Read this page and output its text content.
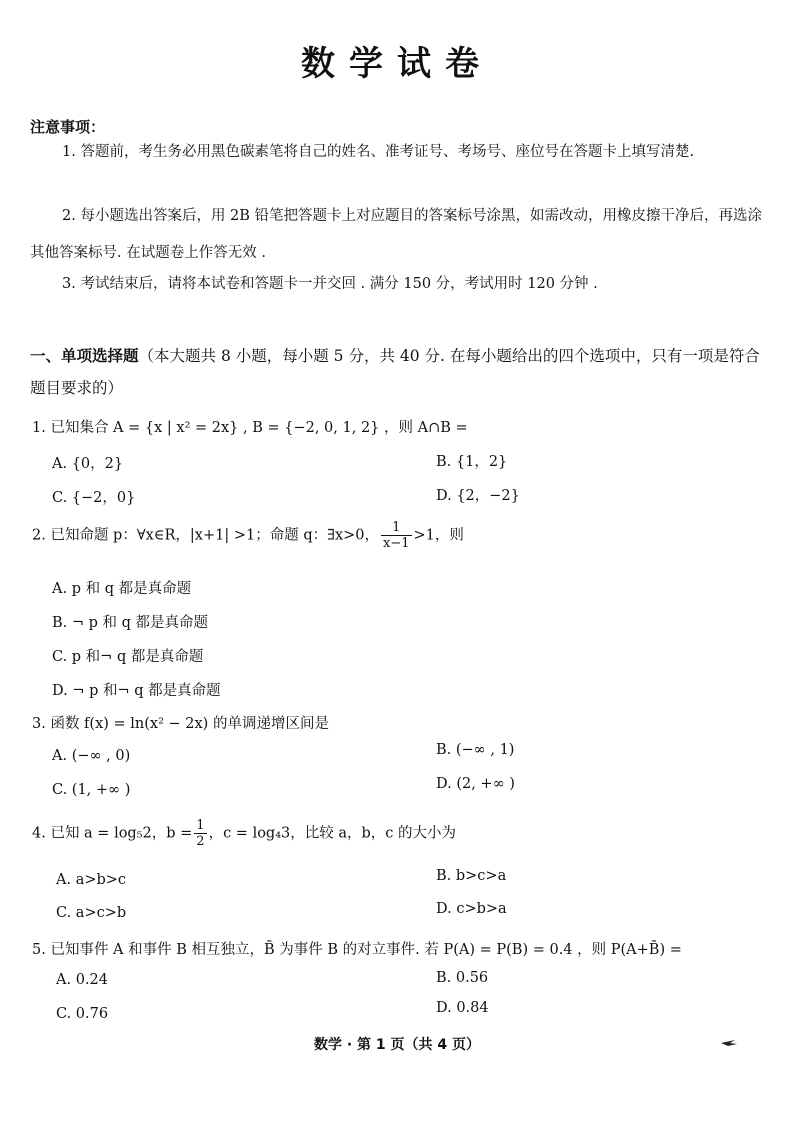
数学试卷
注意事项：
1. 答题前，考生务必用黑色碳素笔将自己的姓名、准考证号、考场号、座位号在答题卡上填写清楚.
2. 每小题选出答案后，用 2B 铅笔把答题卡上对应题目的答案标号涂黑，如需改动，用橡皮擦干净后，再选涂其他答案标号. 在试题卷上作答无效 .
3. 考试结束后，请将本试卷和答题卡一并交回 . 满分 150 分，考试用时 120 分钟 .
一、单项选择题（本大题共 8 小题，每小题 5 分，共 40 分. 在每小题给出的四个选项中，只有一项是符合题目要求的）
1. 已知集合 A = {x | x² = 2x} , B = {−2, 0, 1, 2} ，则 A∩B =
A. {0，2}	B. {1，2}
C. {−2，0}	D. {2，−2}
2. 已知命题 p：∀x∈R，|x+1| >1；命题 q：∃x>0， $\frac{1}{x-1} >1$，则
A. p 和 q 都是真命题
B. ¬ p 和 q 都是真命题
C. p 和¬ q 都是真命题
D. ¬ p 和¬ q 都是真命题
3. 函数 f(x) = ln(x² − 2x) 的单调递增区间是
A. (−∞ , 0)	B. (−∞ , 1)
C. (1, +∞ )	D. (2, +∞ )
4. 已知 a = log₅2，$b = \frac{1}{2}$ ，c = log₄3，比较 a，b，c 的大小为
A. a>b>c	B. b>c>a
C. a>c>b	D. c>b>a
5. 已知事件 A 和事件 B 相互独立，B̄ 为事件 B 的对立事件. 若 P(A) = P(B) = 0.4 ，则 P(A+B̄) =
A. 0.24	B. 0.56
C. 0.76	D. 0.84
数学 · 第 1 页（共 4 页）
